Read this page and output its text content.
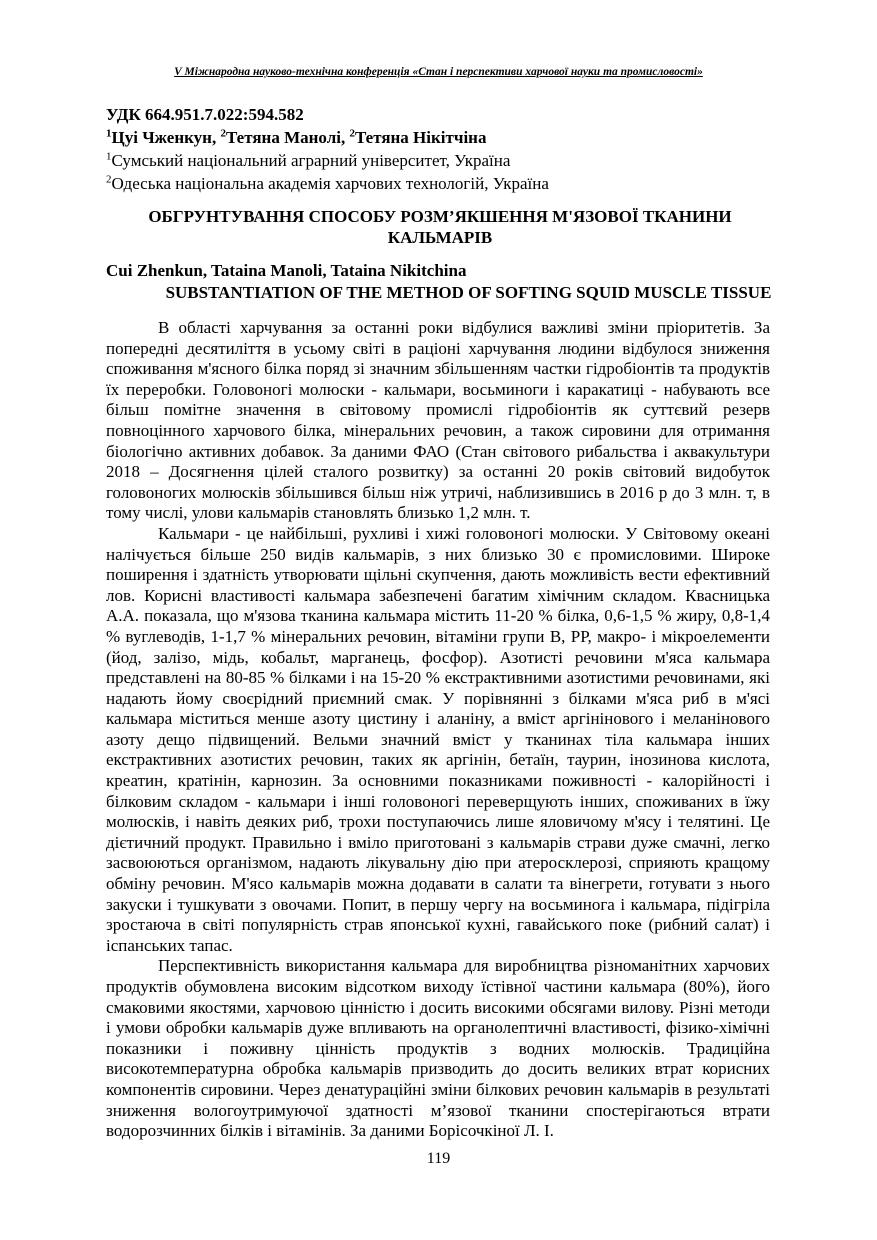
V Міжнародна науково-технічна конференція «Стан і перспективи харчової науки та промисловості»
УДК 664.951.7.022:594.582
$^1$Цуі Чженкун, $^2$Тетяна Манолі, $^2$Тетяна Нікітчіна
$^1$Сумський національний аграрний університет, Україна
$^2$Одеська національна академія харчових технологій, Україна
ОБГРУНТУВАННЯ СПОСОБУ РОЗМ’ЯКШЕННЯ М'ЯЗОВОЇ ТКАНИНИ
КАЛЬМАРІВ
Cui Zhenkun, Tataina Manoli, Tataina Nikitchina
SUBSTANTIATION OF THE METHOD OF SOFTING SQUID MUSCLE TISSUE

В області харчування за останні роки відбулися важливі зміни пріоритетів. За попередні десятиліття в усьому світі в раціоні харчування людини відбулося зниження споживання м'ясного білка поряд зі значним збільшенням частки гідробіонтів та продуктів їх переробки. Головоногі молюски - кальмари, восьминоги і каракатиці - набувають все більш помітне значення в світовому промислі гідробіонтів як суттєвий резерв повноцінного харчового білка, мінеральних речовин, а також сировини для отримання біологічно активних добавок. За даними ФАО (Стан світового рибальства і аквакультури 2018 – Досягнення цілей сталого розвитку) за останні 20 років світовий видобуток головоногих молюсків збільшився більш ніж утричі, наблизившись в 2016 р до 3 млн. т, в тому числі, улови кальмарів становлять близько 1,2 млн. т.

Кальмари - це найбільші, рухливі і хижі головоногі молюски. У Світовому океані налічується більше 250 видів кальмарів, з них близько 30 є промисловими. Широке поширення і здатність утворювати щільні скупчення, дають можливість вести ефективний лов. Корисні властивості кальмара забезпечені багатим хімічним складом. Квасницька А.А. показала, що м'язова тканина кальмара містить 11-20 % білка, 0,6-1,5 % жиру, 0,8-1,4 % вуглеводів, 1-1,7 % мінеральних речовин, вітаміни групи В, РР, макро- і мікроелементи (йод, залізо, мідь, кобальт, марганець, фосфор). Азотисті речовини м'яса кальмара представлені на 80-85 % білками і на 15-20 % екстрактивними азотистими речовинами, які надають йому своєрідний приємний смак. У порівнянні з білками м'яса риб в м'ясі кальмара міститься менше азоту цистину і аланіну, а вміст аргінінового і меланінового азоту дещо підвищений. Вельми значний вміст у тканинах тіла кальмара інших екстрактивних азотистих речовин, таких як аргінін, бетаїн, таурин, інозинова кислота, креатин, кратінін, карнозин. За основними показниками поживності - калорійності і білковим складом - кальмари і інші головоногі переверщують інших, споживаних в їжу молюсків, і навіть деяких риб, трохи поступаючись лише яловичому м'ясу і телятині. Це дієтичний продукт. Правильно і вміло приготовані з кальмарів страви дуже смачні, легко засвоюються організмом, надають лікувальну дію при атеросклерозі, сприяють кращому обміну речовин. М'ясо кальмарів можна додавати в салати та вінегрети, готувати з нього закуски і тушкувати з овочами. Попит, в першу чергу на восьминога і кальмара, підігріла зростаюча в світі популярність страв японської кухні, гавайського поке (рибний салат) і іспанських тапас.

Перспективність використання кальмара для виробництва різноманітних харчових продуктів обумовлена високим відсотком виходу їстівної частини кальмара (80%), його смаковими якостями, харчовою цінністю і досить високими обсягами вилову. Різні методи і умови обробки кальмарів дуже впливають на органолептичні властивості, фізико-хімічні показники і поживну цінність продуктів з водних молюсків. Традиційна високотемпературна обробка кальмарів призводить до досить великих втрат корисних компонентів сировини. Через денатураційні зміни білкових речовин кальмарів в результаті зниження вологоутримуючої здатності м’язової тканини спостерігаються втрати водорозчинних білків і вітамінів. За даними Борісочкіної Л. І.

119
